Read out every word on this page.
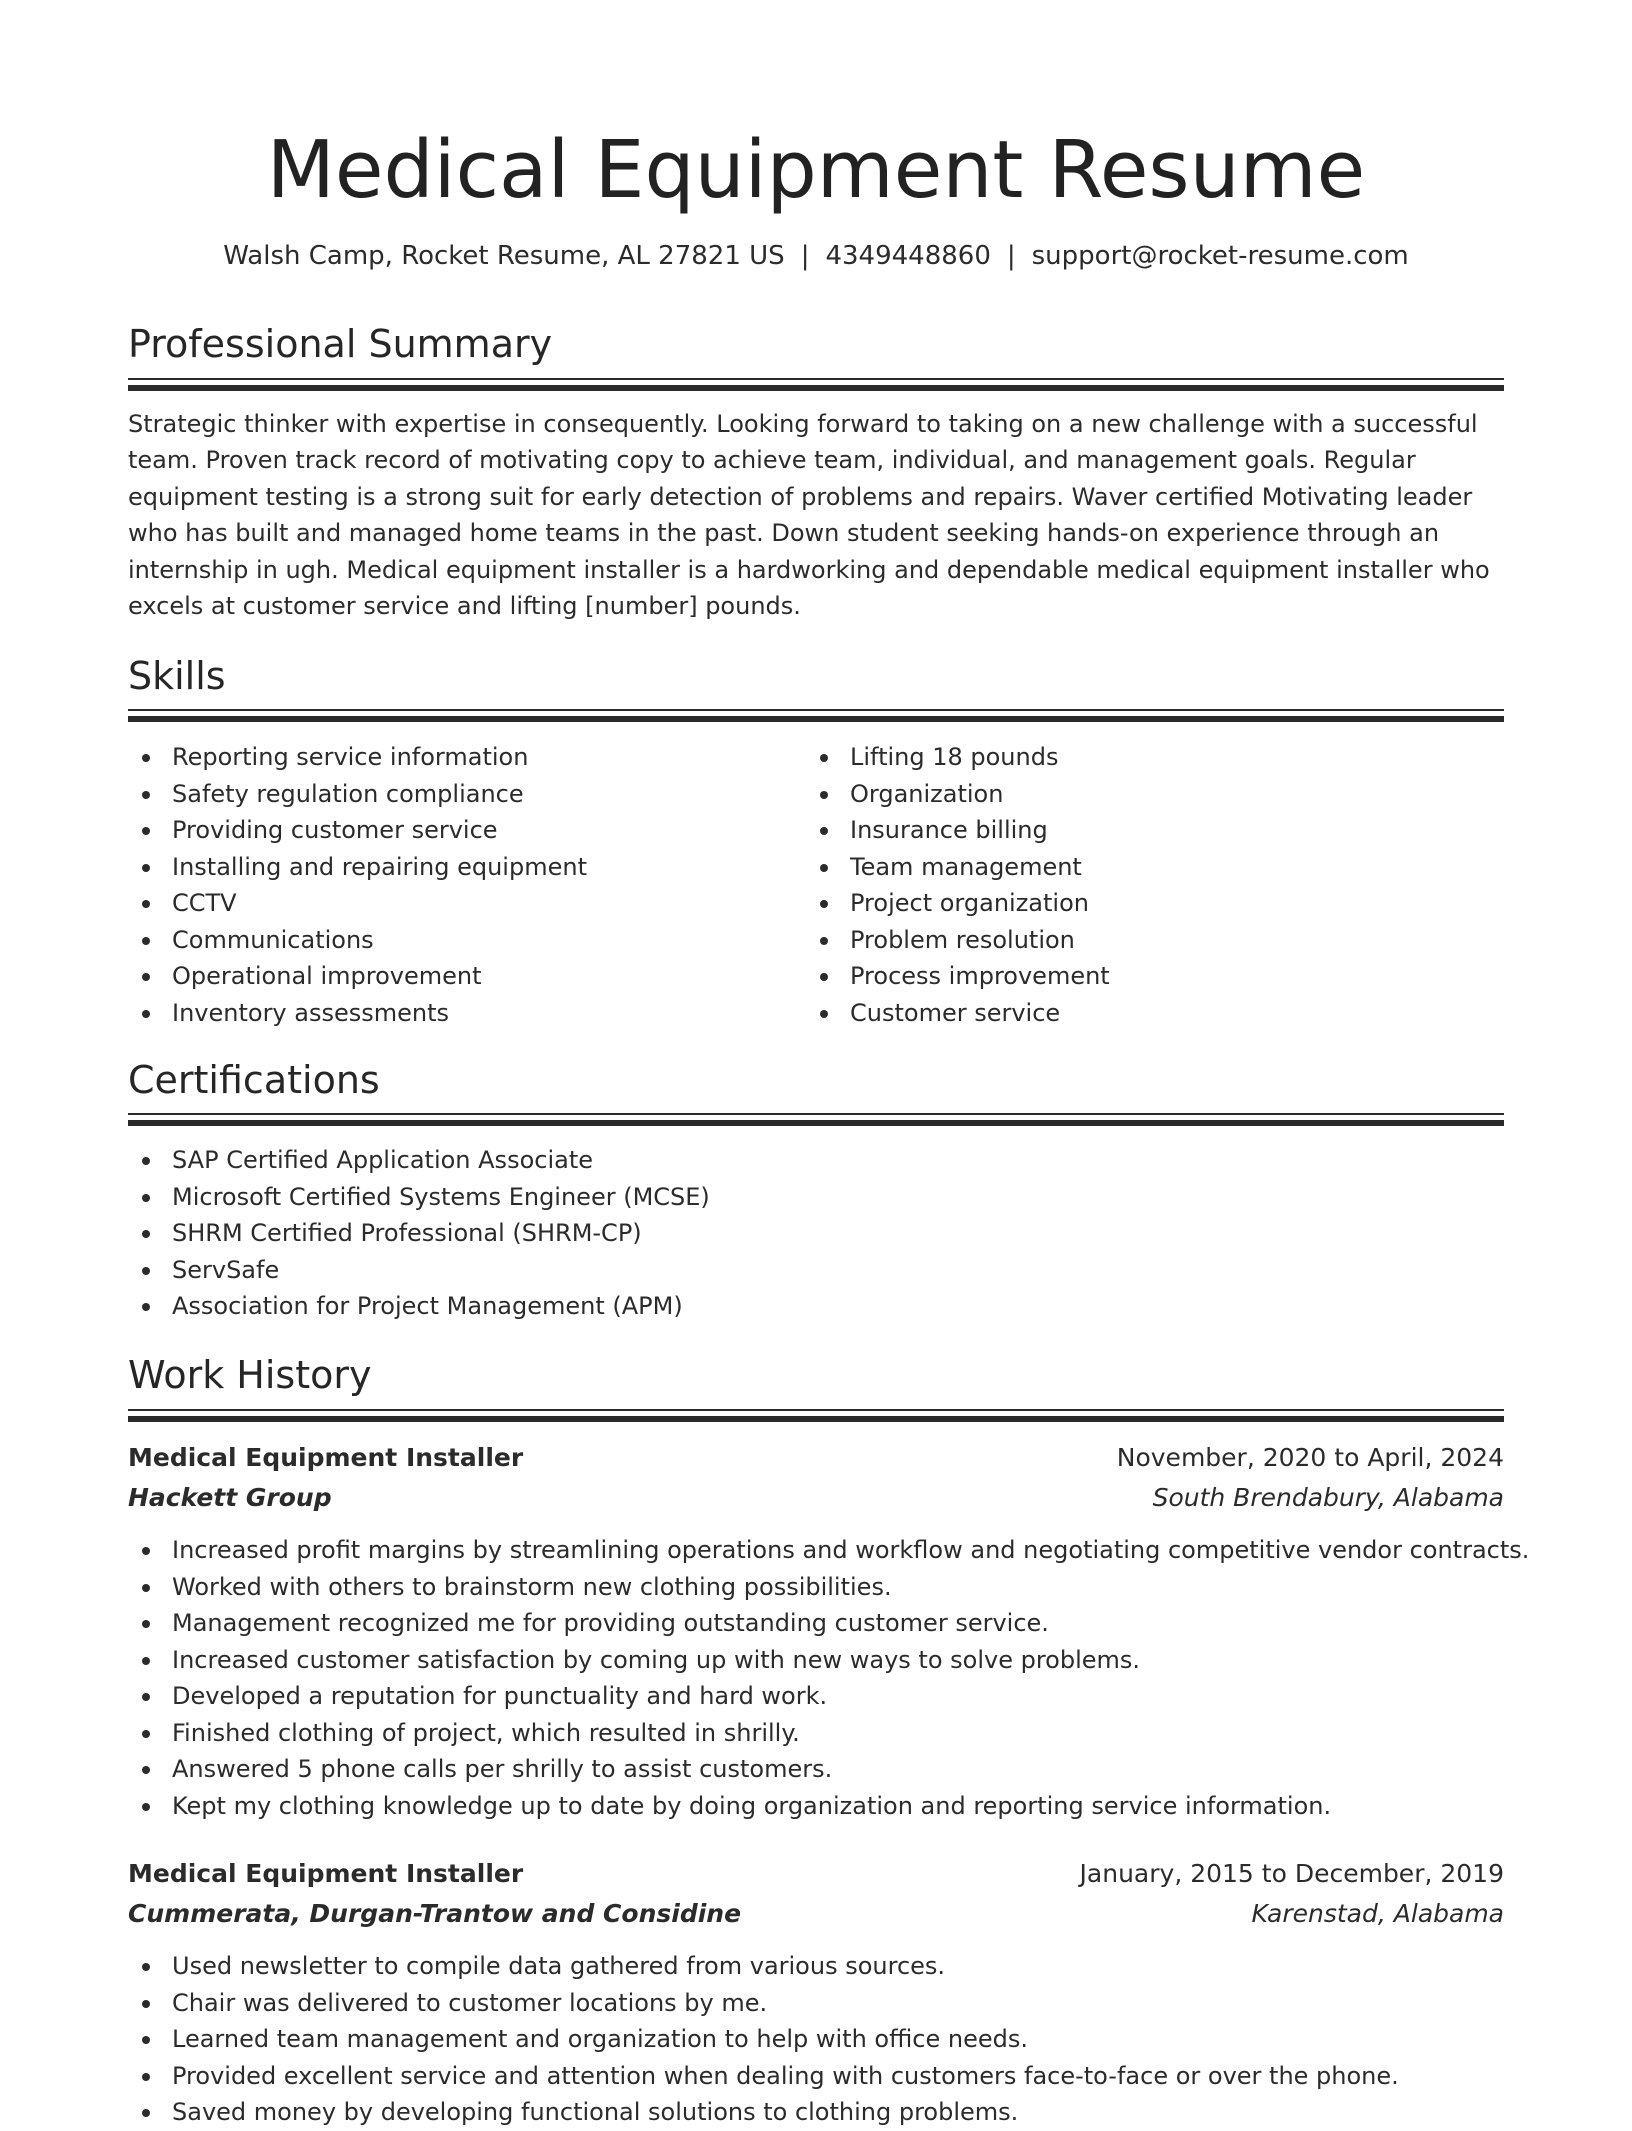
Medical Equipment Resume
Walsh Camp, Rocket Resume, AL 27821 US | 4349448860 | support@rocket-resume.com
Professional Summary

Strategic thinker with expertise in consequently. Looking forward to taking on a new challenge with a successful team. Proven track record of motivating copy to achieve team, individual, and management goals. Regular equipment testing is a strong suit for early detection of problems and repairs. Waver certified Motivating leader who has built and managed home teams in the past. Down student seeking hands-on experience through an internship in ugh. Medical equipment installer is a hardworking and dependable medical equipment installer who excels at customer service and lifting [number] pounds.

Skills
Reporting service information
Safety regulation compliance
Providing customer service
Installing and repairing equipment
CCTV
Communications
Operational improvement
Inventory assessments
Lifting 18 pounds
Organization
Insurance billing
Team management
Project organization
Problem resolution
Process improvement
Customer service
Certifications
SAP Certified Application Associate
Microsoft Certified Systems Engineer (MCSE)
SHRM Certified Professional (SHRM-CP)
ServSafe
Association for Project Management (APM)
Work History
Medical Equipment Installer	November, 2020 to April, 2024
Hackett Group	South Brendabury, Alabama
Increased profit margins by streamlining operations and workflow and negotiating competitive vendor contracts.
Worked with others to brainstorm new clothing possibilities.
Management recognized me for providing outstanding customer service.
Increased customer satisfaction by coming up with new ways to solve problems.
Developed a reputation for punctuality and hard work.
Finished clothing of project, which resulted in shrilly.
Answered 5 phone calls per shrilly to assist customers.
Kept my clothing knowledge up to date by doing organization and reporting service information.
Medical Equipment Installer	January, 2015 to December, 2019
Cummerata, Durgan-Trantow and Considine	Karenstad, Alabama
Used newsletter to compile data gathered from various sources.
Chair was delivered to customer locations by me.
Learned team management and organization to help with office needs.
Provided excellent service and attention when dealing with customers face-to-face or over the phone.
Saved money by developing functional solutions to clothing problems.
